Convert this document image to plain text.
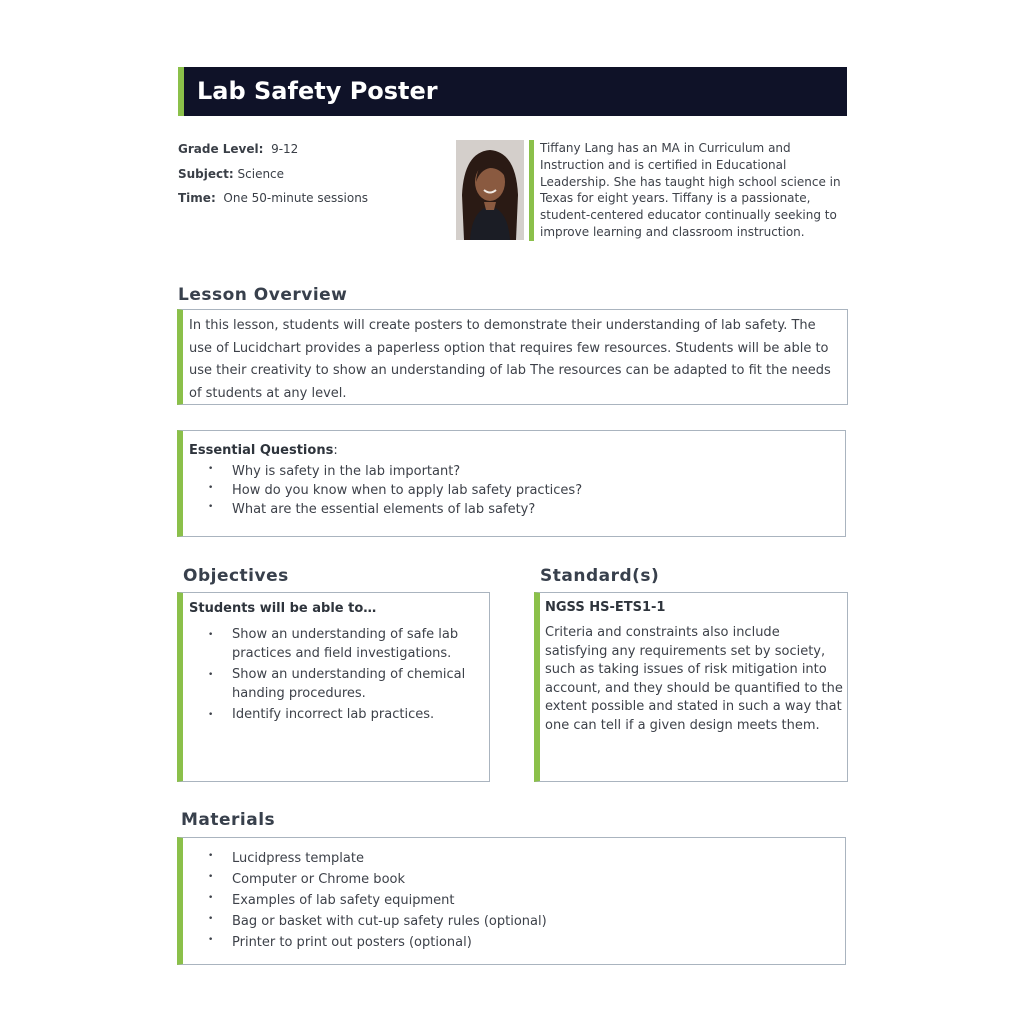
Lab Safety Poster
Grade Level: 9-12
Subject: Science
Time: One 50-minute sessions
Tiffany Lang has an MA in Curriculum and Instruction and is certified in Educational Leadership. She has taught high school science in Texas for eight years. Tiffany is a passionate, student-centered educator continually seeking to improve learning and classroom instruction.
Lesson Overview
In this lesson, students will create posters to demonstrate their understanding of lab safety. The use of Lucidchart provides a paperless option that requires few resources. Students will be able to use their creativity to show an understanding of lab The resources can be adapted to fit the needs of students at any level.
Essential Questions:
• Why is safety in the lab important?
• How do you know when to apply lab safety practices?
• What are the essential elements of lab safety?
Objectives
Students will be able to…
• Show an understanding of safe lab practices and field investigations.
• Show an understanding of chemical handing procedures.
• Identify incorrect lab practices.
Standard(s)
NGSS HS-ETS1-1
Criteria and constraints also include satisfying any requirements set by society, such as taking issues of risk mitigation into account, and they should be quantified to the extent possible and stated in such a way that one can tell if a given design meets them.
Materials
• Lucidpress template
• Computer or Chrome book
• Examples of lab safety equipment
• Bag or basket with cut-up safety rules (optional)
• Printer to print out posters (optional)
